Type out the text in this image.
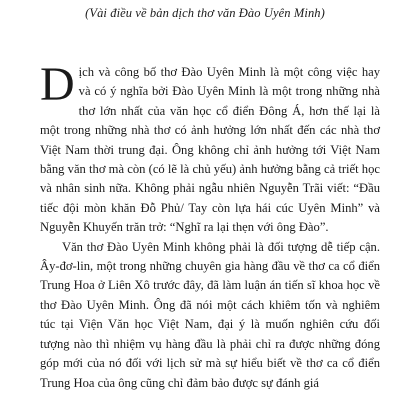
(Vài điều về bản dịch thơ văn Đào Uyên Minh)

Dịch và công bố thơ Đào Uyên Minh là một công việc hay và có ý nghĩa bởi Đào Uyên Minh là một trong những nhà thơ lớn nhất của văn học cổ điển Đông Á, hơn thế lại là một trong những nhà thơ có ảnh hưởng lớn nhất đến các nhà thơ Việt Nam thời trung đại. Ông không chỉ ảnh hưởng tới Việt Nam bằng văn thơ mà còn (có lẽ là chủ yếu) ảnh hưởng bằng cả triết học và nhân sinh nữa. Không phải ngẫu nhiên Nguyễn Trãi viết: “Đầu tiếc đội mòn khăn Đỗ Phủ/ Tay còn lựa hái cúc Uyên Minh” và Nguyễn Khuyến trăn trở: “Nghĩ ra lại thẹn với ông Đào”.

Văn thơ Đào Uyên Minh không phải là đối tượng dễ tiếp cận. Ây-đơ-lin, một trong những chuyên gia hàng đầu về thơ ca cổ điển Trung Hoa ở Liên Xô trước đây, đã làm luận án tiến sĩ khoa học về thơ Đào Uyên Minh. Ông đã nói một cách khiêm tốn và nghiêm túc tại Viện Văn học Việt Nam, đại ý là muốn nghiên cứu đối tượng nào thì nhiệm vụ hàng đầu là phải chỉ ra được những đóng góp mới của nó đối với lịch sử mà sự hiểu biết về thơ ca cổ điển Trung Hoa của ông cũng chỉ đảm bảo được sự đánh giá
